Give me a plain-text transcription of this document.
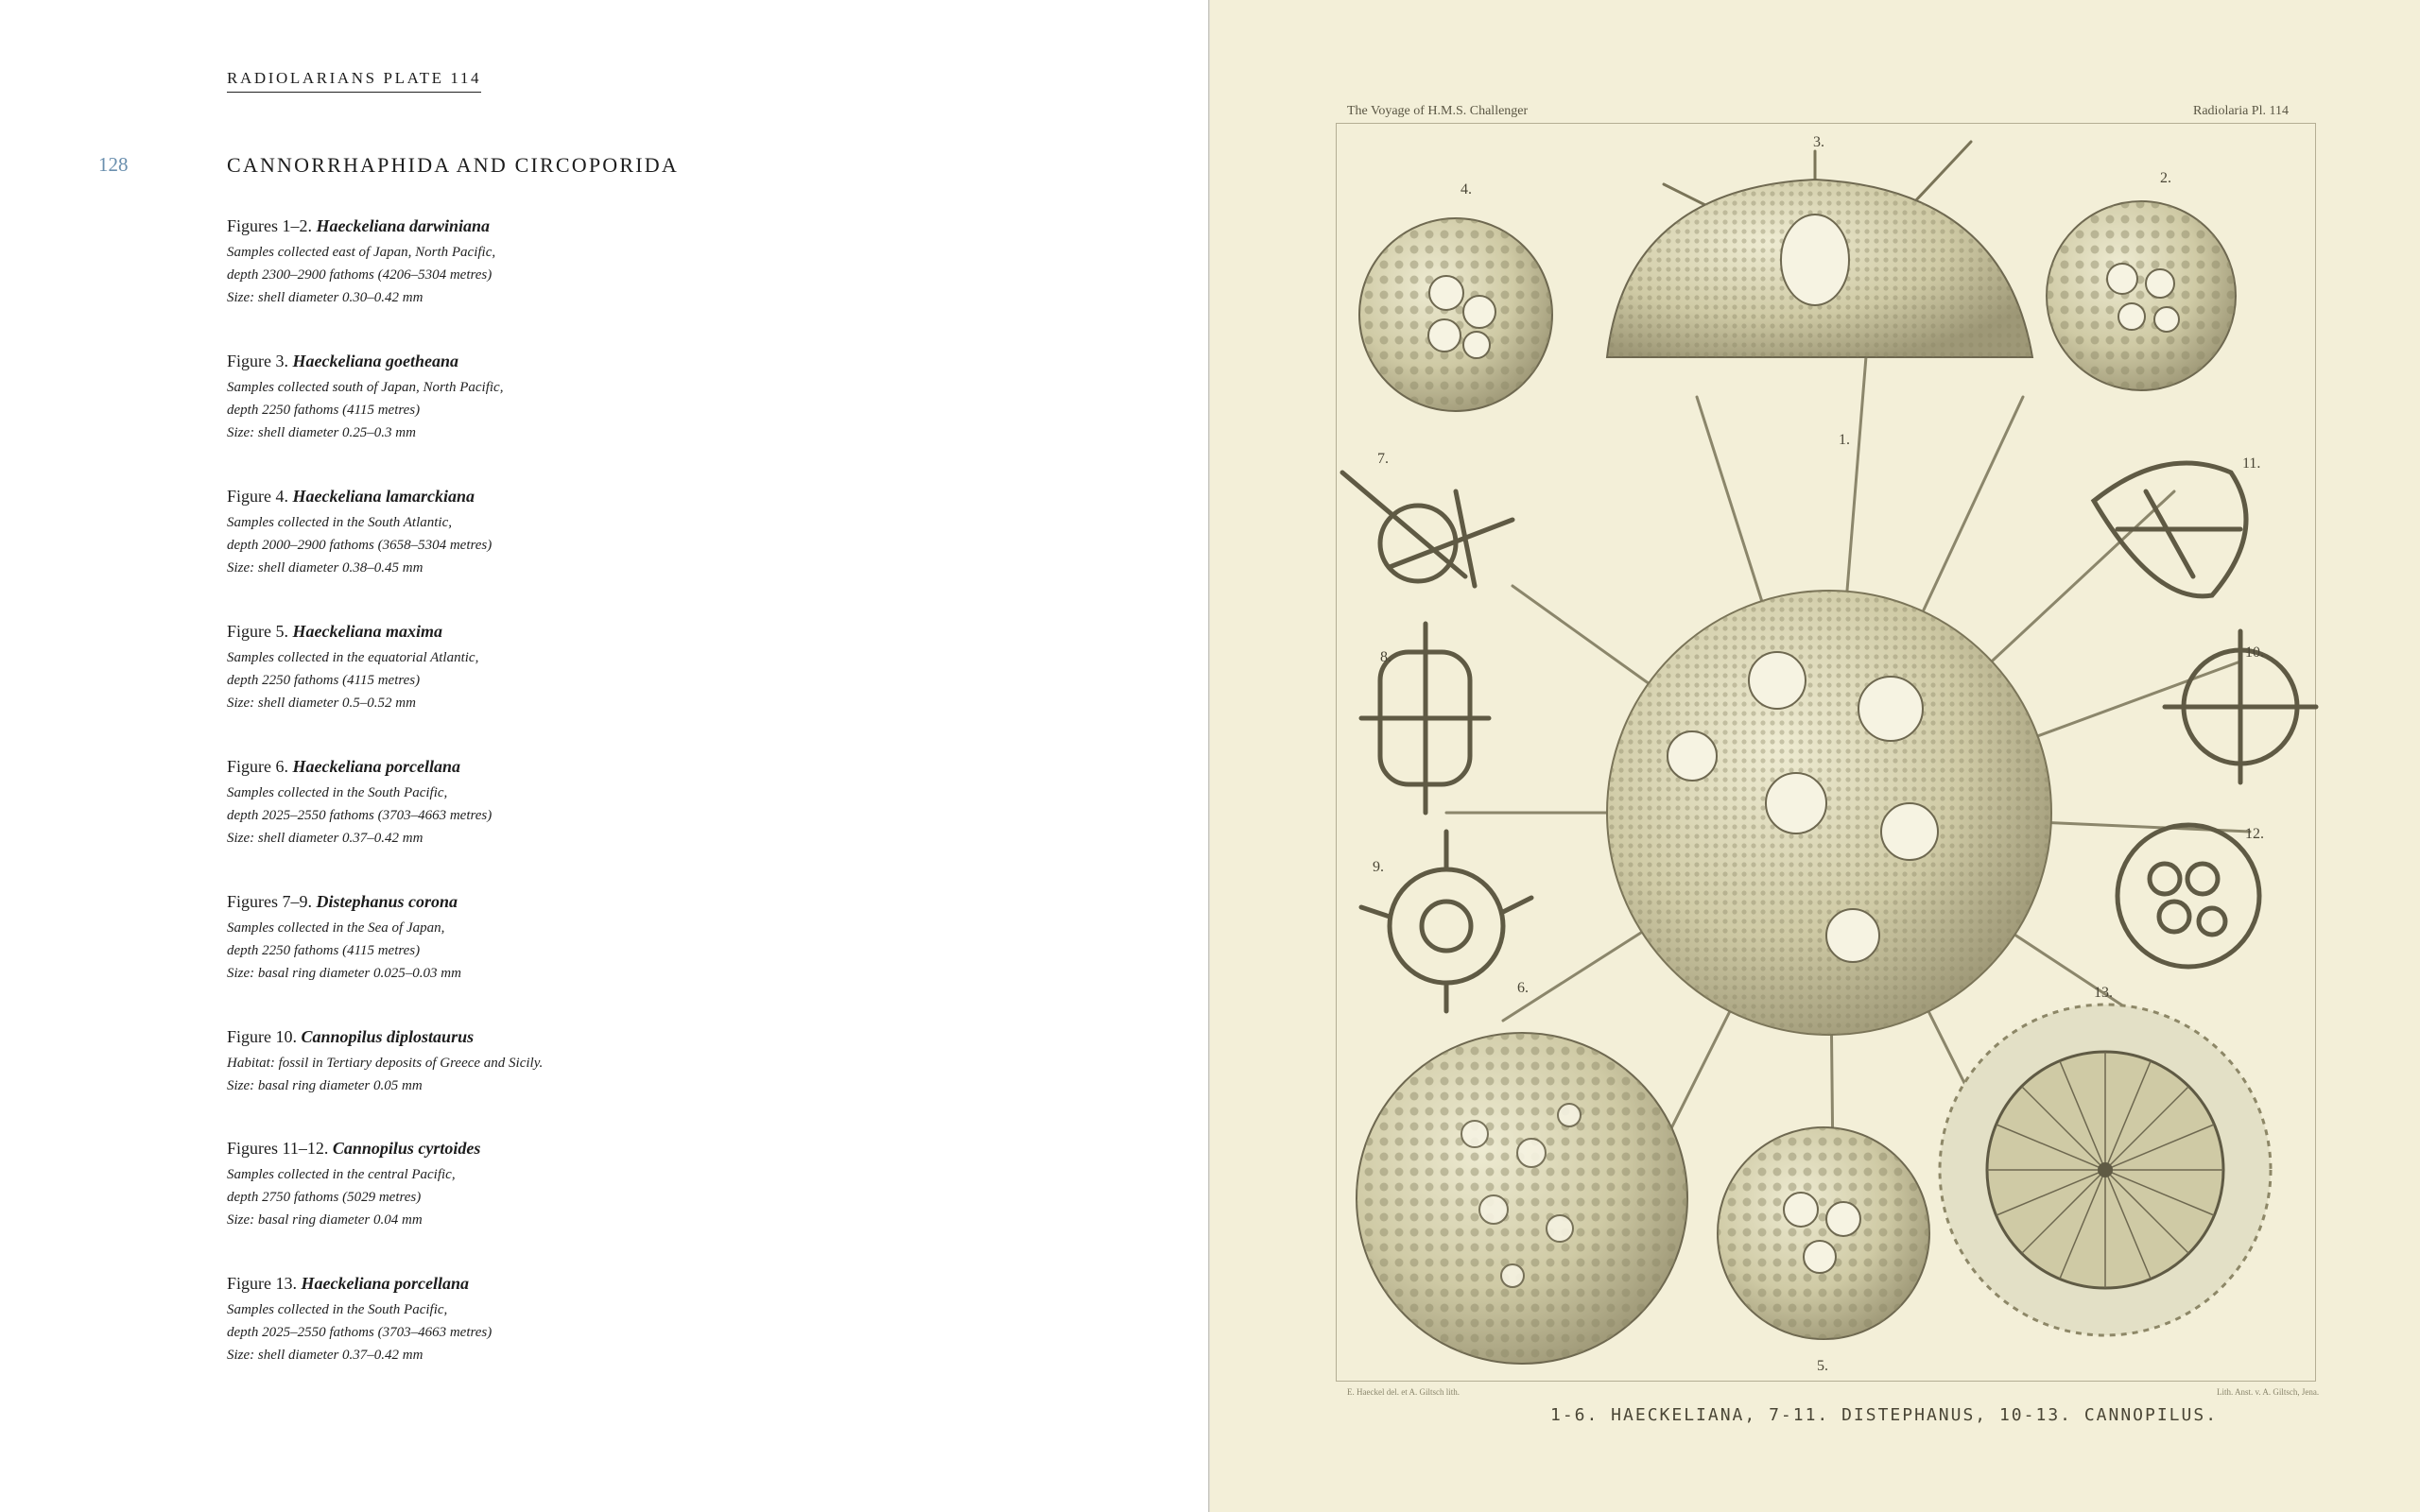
RADIOLARIANS PLATE 114
128	CANNORRHAPHIDA AND CIRCOPORIDA
Figures 1–2. Haeckeliana darwiniana
Samples collected east of Japan, North Pacific,
depth 2300–2900 fathoms (4206–5304 metres)
Size: shell diameter 0.30–0.42 mm
Figure 3. Haeckeliana goetheana
Samples collected south of Japan, North Pacific,
depth 2250 fathoms (4115 metres)
Size: shell diameter 0.25–0.3 mm
Figure 4. Haeckeliana lamarckiana
Samples collected in the South Atlantic,
depth 2000–2900 fathoms (3658–5304 metres)
Size: shell diameter 0.38–0.45 mm
Figure 5. Haeckeliana maxima
Samples collected in the equatorial Atlantic,
depth 2250 fathoms (4115 metres)
Size: shell diameter 0.5–0.52 mm
Figure 6. Haeckeliana porcellana
Samples collected in the South Pacific,
depth 2025–2550 fathoms (3703–4663 metres)
Size: shell diameter 0.37–0.42 mm
Figures 7–9. Distephanus corona
Samples collected in the Sea of Japan,
depth 2250 fathoms (4115 metres)
Size: basal ring diameter 0.025–0.03 mm
Figure 10. Cannopilus diplostaurus
Habitat: fossil in Tertiary deposits of Greece and Sicily.
Size: basal ring diameter 0.05 mm
Figures 11–12. Cannopilus cyrtoides
Samples collected in the central Pacific,
depth 2750 fathoms (5029 metres)
Size: basal ring diameter 0.04 mm
Figure 13. Haeckeliana porcellana
Samples collected in the South Pacific,
depth 2025–2550 fathoms (3703–4663 metres)
Size: shell diameter 0.37–0.42 mm
The Voyage of H.M.S. Challenger	Radiolaria Pl. 114
1.
2.
3.
4.
5.
6.
7.
8.
9.
10.
11.
12.
13.
E. Haeckel del. et A. Giltsch lith.	Lith. Anst. v. A. Giltsch, Jena.
1-6. HAECKELIANA, 7-11. DISTEPHANUS, 10-13. CANNOPILUS.
